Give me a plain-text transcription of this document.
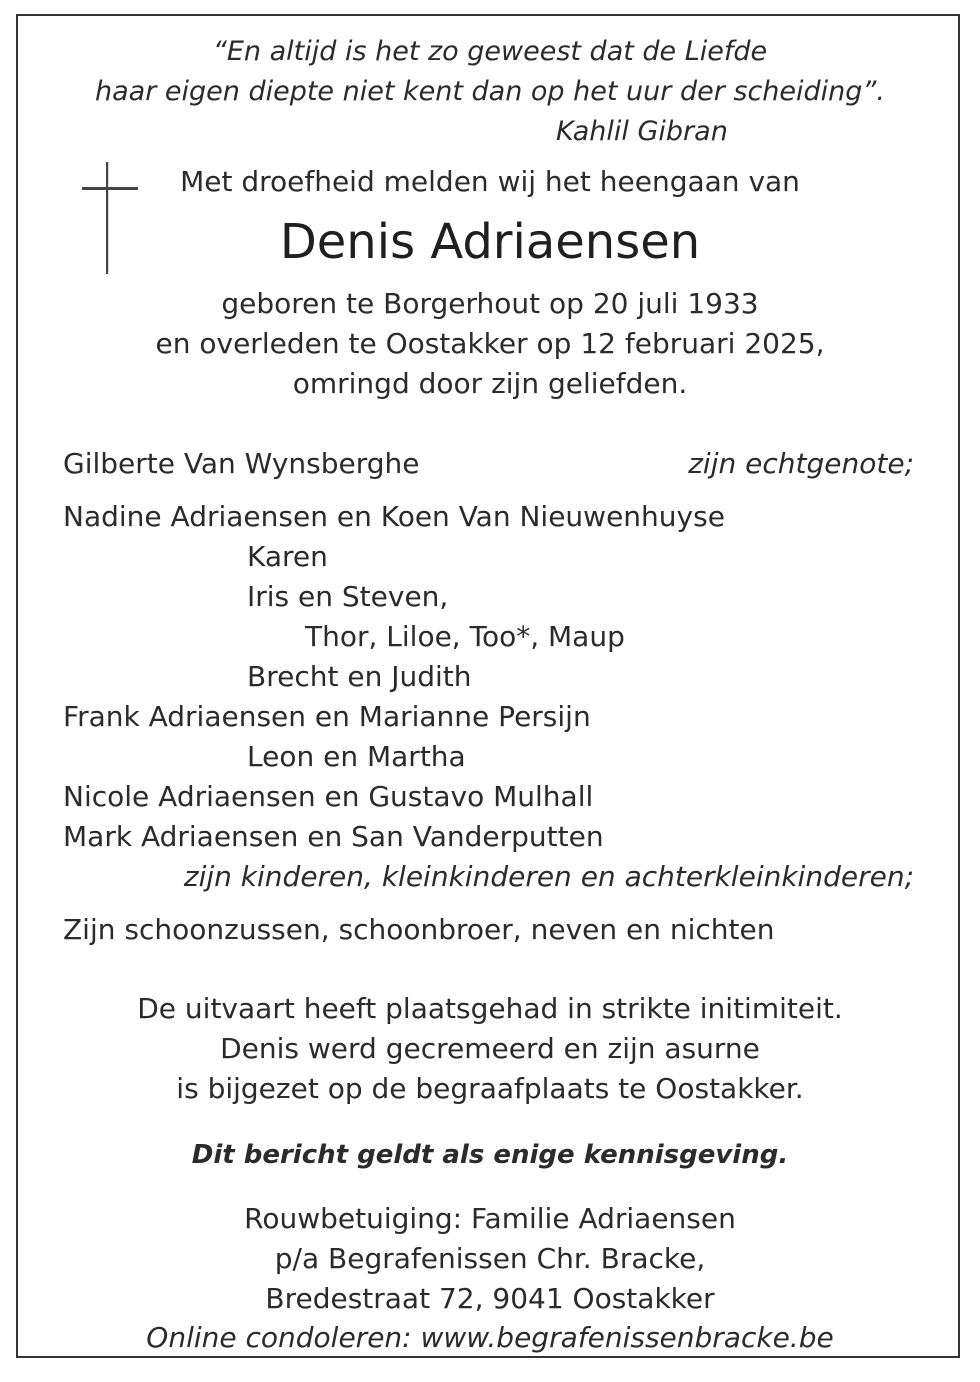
“En altijd is het zo geweest dat de Liefde
haar eigen diepte niet kent dan op het uur der scheiding”.
Kahlil Gibran
Met droefheid melden wij het heengaan van
Denis Adriaensen
geboren te Borgerhout op 20 juli 1933
en overleden te Oostakker op 12 februari 2025,
omringd door zijn geliefden.
Gilberte Van Wynsberghe	zijn echtgenote;
Nadine Adriaensen en Koen Van Nieuwenhuyse
Karen
Iris en Steven,
Thor, Liloe, Too*, Maup
Brecht en Judith
Frank Adriaensen en Marianne Persijn
Leon en Martha
Nicole Adriaensen en Gustavo Mulhall
Mark Adriaensen en San Vanderputten
zijn kinderen, kleinkinderen en achterkleinkinderen;
Zijn schoonzussen, schoonbroer, neven en nichten
De uitvaart heeft plaatsgehad in strikte initimiteit.
Denis werd gecremeerd en zijn asurne
is bijgezet op de begraafplaats te Oostakker.
Dit bericht geldt als enige kennisgeving.
Rouwbetuiging: Familie Adriaensen
p/a Begrafenissen Chr. Bracke,
Bredestraat 72, 9041 Oostakker
Online condoleren: www.begrafenissenbracke.be
